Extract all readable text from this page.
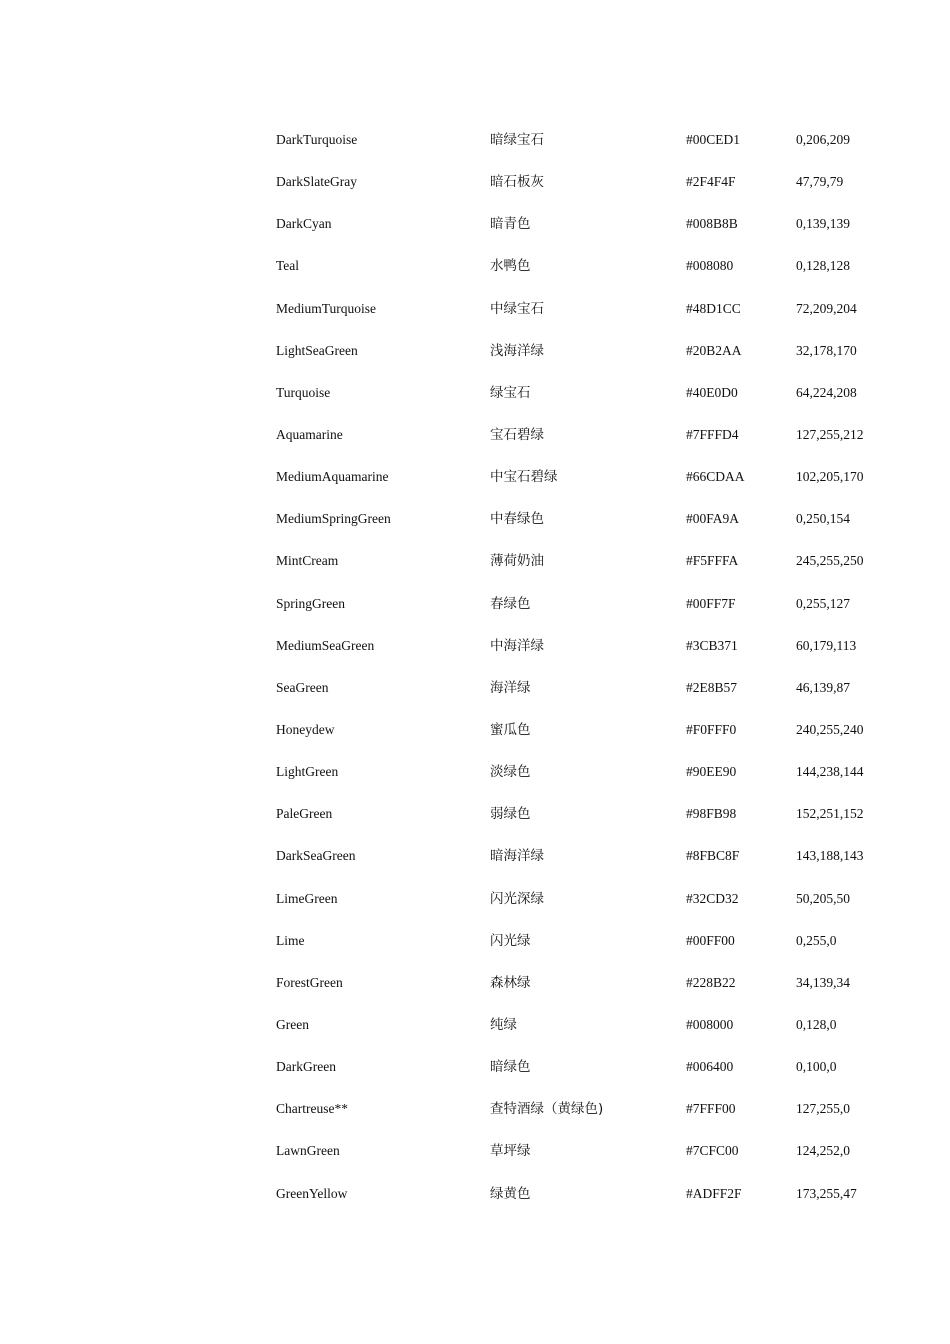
DarkTurquoise	暗绿宝石	#00CED1	0,206,209
DarkSlateGray	暗石板灰	#2F4F4F	47,79,79
DarkCyan	暗青色	#008B8B	0,139,139
Teal	水鸭色	#008080	0,128,128
MediumTurquoise	中绿宝石	#48D1CC	72,209,204
LightSeaGreen	浅海洋绿	#20B2AA	32,178,170
Turquoise	绿宝石	#40E0D0	64,224,208
Aquamarine	宝石碧绿	#7FFFD4	127,255,212
MediumAquamarine	中宝石碧绿	#66CDAA	102,205,170
MediumSpringGreen	中春绿色	#00FA9A	0,250,154
MintCream	薄荷奶油	#F5FFFA	245,255,250
SpringGreen	春绿色	#00FF7F	0,255,127
MediumSeaGreen	中海洋绿	#3CB371	60,179,113
SeaGreen	海洋绿	#2E8B57	46,139,87
Honeydew	蜜瓜色	#F0FFF0	240,255,240
LightGreen	淡绿色	#90EE90	144,238,144
PaleGreen	弱绿色	#98FB98	152,251,152
DarkSeaGreen	暗海洋绿	#8FBC8F	143,188,143
LimeGreen	闪光深绿	#32CD32	50,205,50
Lime	闪光绿	#00FF00	0,255,0
ForestGreen	森林绿	#228B22	34,139,34
Green	纯绿	#008000	0,128,0
DarkGreen	暗绿色	#006400	0,100,0
Chartreuse**	查特酒绿（黄绿色)	#7FFF00	127,255,0
LawnGreen	草坪绿	#7CFC00	124,252,0
GreenYellow	绿黄色	#ADFF2F	173,255,47
